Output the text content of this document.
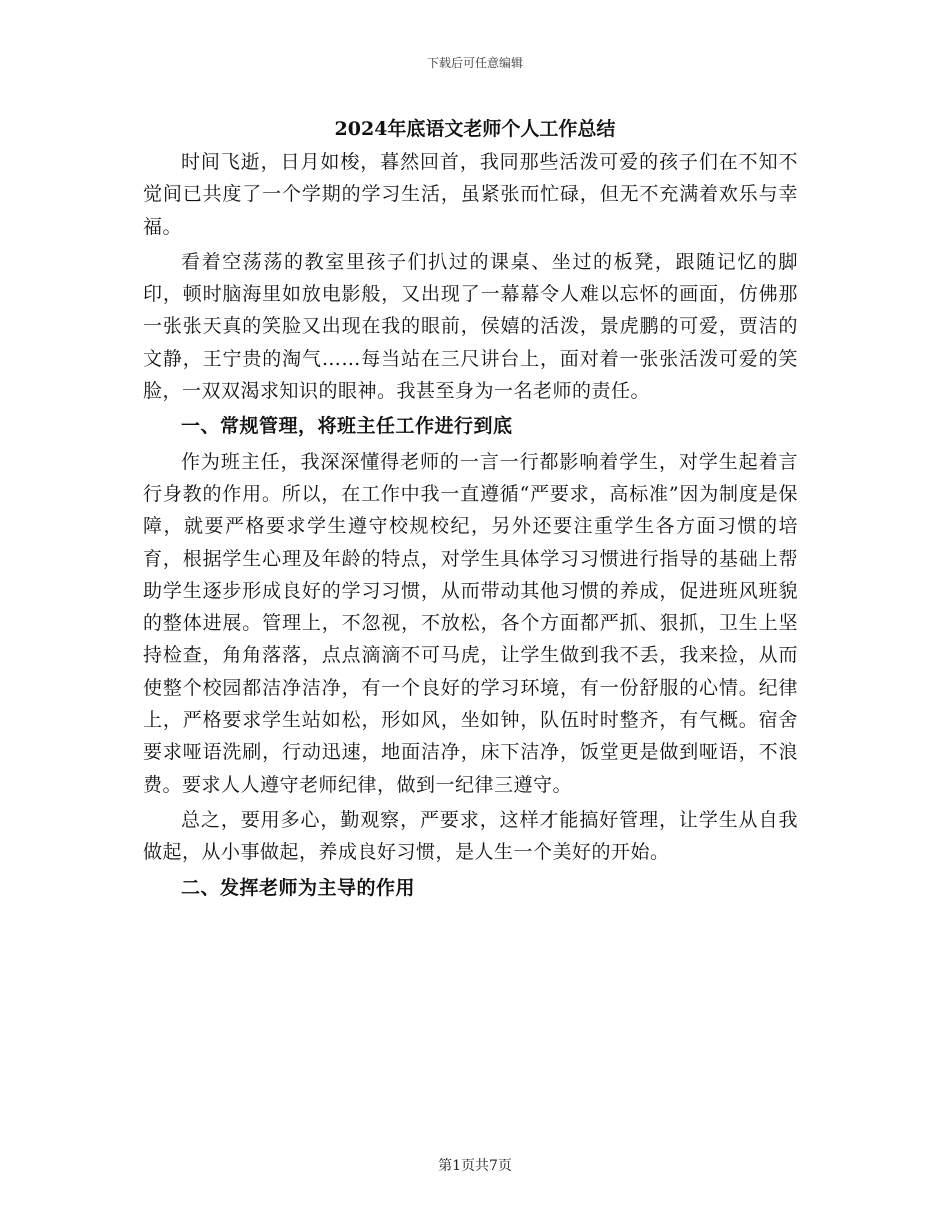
下载后可任意编辑
2024年底语文老师个人工作总结

时间飞逝，日月如梭，暮然回首，我同那些活泼可爱的孩子们在不知不觉间已共度了一个学期的学习生活，虽紧张而忙碌，但无不充满着欢乐与幸福。

看着空荡荡的教室里孩子们扒过的课桌、坐过的板凳，跟随记忆的脚印，顿时脑海里如放电影般，又出现了一幕幕令人难以忘怀的画面，仿佛那一张张天真的笑脸又出现在我的眼前，侯嬉的活泼，景虎鹏的可爱，贾洁的文静，王宁贵的淘气……每当站在三尺讲台上，面对着一张张活泼可爱的笑脸，一双双渴求知识的眼神。我甚至身为一名老师的责任。

一、常规管理，将班主任工作进行到底

作为班主任，我深深懂得老师的一言一行都影响着学生，对学生起着言行身教的作用。所以，在工作中我一直遵循“严要求，高标准”因为制度是保障，就要严格要求学生遵守校规校纪，另外还要注重学生各方面习惯的培育，根据学生心理及年龄的特点，对学生具体学习习惯进行指导的基础上帮助学生逐步形成良好的学习习惯，从而带动其他习惯的养成，促进班风班貌的整体进展。管理上，不忽视，不放松，各个方面都严抓、狠抓，卫生上坚持检查，角角落落，点点滴滴不可马虎，让学生做到我不丢，我来捡，从而使整个校园都洁净洁净，有一个良好的学习环境，有一份舒服的心情。纪律上，严格要求学生站如松，形如风，坐如钟，队伍时时整齐，有气概。宿舍要求哑语洗刷，行动迅速，地面洁净，床下洁净，饭堂更是做到哑语，不浪费。要求人人遵守老师纪律，做到一纪律三遵守。

总之，要用多心，勤观察，严要求，这样才能搞好管理，让学生从自我做起，从小事做起，养成良好习惯，是人生一个美好的开始。

二、发挥老师为主导的作用

第1页共7页
